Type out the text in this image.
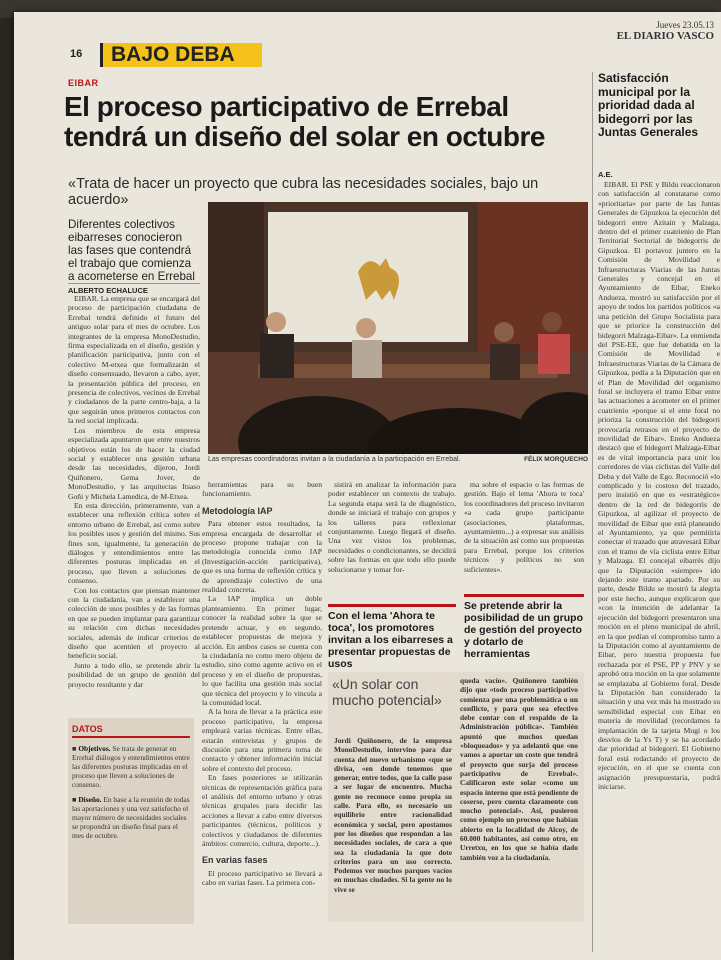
Jueves 23.05.13
EL DIARIO VASCO
16	BAJO DEBA
EIBAR
El proceso participativo de Errebal tendrá un diseño del solar en octubre
«Trata de hacer un proyecto que cubra las necesidades sociales, bajo un acuerdo»
Diferentes colectivos eibarreses conocieron las fases que contendrá el trabajo que comienza a acometerse en Errebal
ALBERTO ECHALUCE

EIBAR. La empresa que se encargará del proceso de participación ciudadana de Errebal tendrá definido el futuro del antiguo solar para el mes de octubre. Los integrantes de la empresa MonoDestudio, firma especializada en el diseño, gestión y planificación participativa, junto con el colectivo M-etxea que formalizarán el diseño consensuado, llevaron a cabo, ayer, la presentación pública del proceso, en presencia de colectivos, vecinos de Errebal y ciudadanos de la parte centro-baja, a la que seguirán unos primeros contactos con la red social implicada.

Los miembros de esta empresa especializada apuntaron que entre nuestros objetivos están los de hacer la ciudad social y establecer una gestión urbana desde las necesidades, dijeron, Jordi Quiñonero, Gema Jover, de MonoDestudio, y las arquitectas Itsaso Goñi y Michela Lamedica, de M-Etxea.

En esta dirección, primeramente, van a establecer una reflexión crítica sobre el entorno urbano de Errebal, así como sobre los posibles usos y gestión del mismo. Sus fines son, igualmente, la generación de diálogos y entendimientos entre las diferentes posturas implicadas en el proceso, que lleven a soluciones de consenso.

Con los contactos que piensan mantener con la ciudadanía, van a establecer una colección de usos posibles y de las formas en que se pueden implantar para garantizar su relación con dichas necesidades sociales, además de indicar criterios de diseño que acentúen el proyecto al beneficio social.

Junto a todo ello, se pretende abrir la posibilidad de un grupo de gestión del proyecto resultante y dar

Las empresas coordinadoras invitan a la ciudadanía a la participación en Errebal.	FÉLIX MORQUECHO

herramientas para su buen funcionamiento.

Metodología IAP

Para obtener estos resultados, la empresa encargada de desarrollar el proceso propone trabajar con la metodología conocida como IAP (Investigación-acción participativa), que es una forma de reflexión crítica y de aprendizaje colectivo de una realidad concreta.

La IAP implica un doble planteamiento. En primer lugar, conocer la realidad sobre la que se pretende actuar, y en segundo, establecer propuestas de mejora y acción. En ambos casos se cuenta con la ciudadanía no como mero objeto de estudio, sino como agente activo en el proceso y en el diseño de propuestas, lo que facilita una gestión más social que técnica del proyecto y lo vincula a la comunidad local.

A la hora de llevar a la práctica este proceso participativo, la empresa empleará varias técnicas. Entre ellas, estarán entrevistas y grupos de discusión para una primera toma de contacto y obtener información inicial sobre el contexto del proceso.

En fases posteriores se utilizarán técnicas de representación gráfica para el análisis del entorno urbano y otras técnicas grupales para decidir las acciones a llevar a cabo entre diversos participantes (técnicos, políticos y colectivos y ciudadanos de diferentes ámbitos: comercio, cultura, deporte...).

En varias fases

El proceso participativo se llevará a cabo en varias fases. La primera con-

sistirá en analizar la información para poder establecer un contexto de trabajo. La segunda etapa será la de diagnóstico, donde se iniciará el trabajo con grupos y los talleres para reflexionar conjuntamente. Luego llegará el diseño. Una vez vistos los problemas, necesidades o condicionantes, se decidirá sobre las formas en que todo ello puede solucionarse y tomar for-

ma sobre el espacio o las formas de gestión. Bajo el lema 'Ahora te toca' los coordinadores del proceso invitaron «a cada grupo participante (asociaciones, plataformas, ayuntamiento...) a expresar sus análisis de la situación así como sus propuestas para Errebal, porque los criterios técnicos y políticos no son suficientes».

Con el lema 'Ahora te toca', los promotores invitan a los eibarreses a presentar propuestas de usos
Se pretende abrir la posibilidad de un grupo de gestión del proyecto y dotarlo de herramientas
DATOS

■ Objetivos. Se trata de generar en Errebal diálogos y entendimientos entre las diferentes posturas implicadas en el proceso que lleven a soluciones de consenso.

■ Diseño. En base a la reunión de todas las aportaciones y una vez satisfecho el mayor número de necesidades sociales se propondrá un diseño final para el mes de octubre.

«Un solar con mucho potencial»
Jordi Quiñonero, de la empresa MonoDestudio, intervino para dar cuenta del nuevo urbanismo «que se divisa, «en donde tenemos que generar, entre todos, que la calle pase a ser lugar de encuentro. Mucha gente no reconoce como propia su calle. Para ello, es necesario un equilibrio entre racionalidad económica y social, pero apostamos por los diseños que respondan a las necesidades sociales, de cara a que sea la ciudadanía la que dote criterios para un uso correcto. Podemos ver muchos parques vacíos en muchas ciudades. Si la gente no lo vive se
queda vacío». Quiñonero también dijo que «todo proceso participativo comienza por una problemática o un conflicto, y para que sea efectivo debe contar con el respaldo de la Administración pública». También apuntó que muchos quedan «bloqueados» y ya adelantó que «no vamos a aportar un coste que tendrá el proyecto que surja del proceso participativo de Errebal». Calificaron este solar «como un espacio interno que está pendiente de coserse, pero cuenta claramente con mucho potencial». Así, pusieron como ejemplo un proceso que habían abierto en la localidad de Alcoy, de 60.000 habitantes, así como otro, en Urretxu, en los que se había dado también voz a la ciudadanía.
Satisfacción municipal por la prioridad dada al bidegorri por las Juntas Generales
A.E.

EIBAR. El PSE y Bildu reaccionaron con satisfacción al constatarse como «prioritaria» por parte de las Juntas Generales de Gipuzkoa la ejecución del bidegorri entre Azitain y Malzaga, dentro del el primer cuatrienio de Plan Territorial Sectorial de bidegorris de Gipuzkoa. El portavoz juntero en la Comisión de Movilidad e Infraestructuras Viarias de las Juntas Generales y concejal en el Ayuntamiento de Eibar, Eneko Andueza, mostró su satisfacción por el apoyo de todos los partidos políticos «a una petición del Grupo Socialista para que se priorice la construcción del bidegorri Malzaga-Eibar». La enmienda del PSE-EE, que fue debatida en la Comisión de Movilidad e Infraestructuras Viarias de la Cámara de Gipuzkoa, pedía a la Diputación que en el Plan de Movilidad del organismo foral se incluyera el tramo Eibar entre las actuaciones a acometer en el primer cuatrienio «porque si el ente foral no prioriza la construcción del bidegorri provocaría retrasos en el proyecto de movilidad de Eibar». Eneko Andueza destacó que el bidegorri Malzaga-Eibar es de vital importancia para unir los corredores de vías ciclistas del Valle del Deba y del Valle de Ego. Reconoció «lo complicado y lo costoso del trazado, pero insistió en que es «estratégico» dentro de la red de bidegorris de Gipuzkoa, al agilizar el proyecto de movilidad de Eibar que está planeando el Ayuntamiento, ya que permitiría conectar el trazado que atravesará Eibar con el tramo de vía ciclista entre Eibar y Malzaga. El concejal eibarrés dijo que la Diputación «siempre» ido dejando este tramo apartado. Por su parte, desde Bildu se mostró la alegría por este hecho, aunque explicaron que «con la intención de adelantar la ejecución del bidegorri presentaron una moción en el pleno municipal de abril, en la que pedían el compromiso tanto a la Diputación como al ayuntamiento de Eibar, pero nuestra propuesta fue rechazada por el PSE, PP y PNV y se aprobó otra moción en la que solamente se emplazaba al Gobierno foral. Desde la Diputación han considerado la situación y una vez más ha mostrado su sensibilidad especial con Eibar en materia de movilidad (recordamos la implantación de la tarjeta Mugi o los desvíos de la Ys T) y se ha acordado dar prioridad al bidegorri. El Gobierno foral está redactando el proyecto de ejecución, en el que se cuenta con asignación presupuestaria, podrá iniciarse.
